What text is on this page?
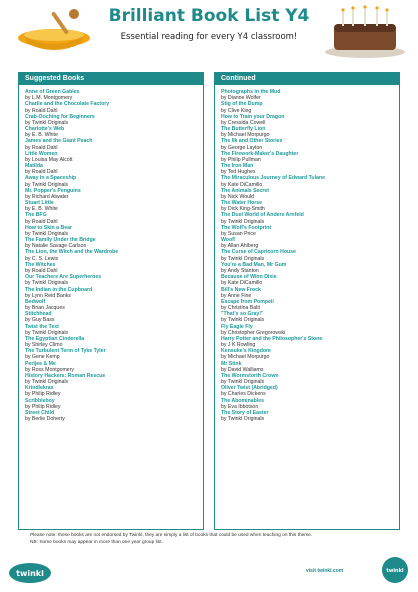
Brilliant Book List Y4
Essential reading for every Y4 classroom!
Suggested Books
Anne of Green Gables
by L.M. Montgomery
Charlie and the Chocolate Factory
by Roald Dahl
Crab-Ooching for Beginners
by Twinkl Originals
Charlotte's Web
by E. B. White
James and the Giant Peach
by Roald Dahl
Little Women
by Louisa May Alcott
Matilda
by Roald Dahl
Away in a Spaceship
by Twinkl Originals
Mr. Popper's Penguins
by Richard Atwater
Stuart Little
by E. B. White
The BFG
by Roald Dahl
How to Skin a Bear
by Twinkl Originals
The Family Under the Bridge
by Natalie Savage Carlson
The Lion, the Witch and the Wardrobe
by C. S. Lewis
The Witches
by Roald Dahl
Our Teachers Are Superheroes
by Twinkl Originals
The Indian in the Cupboard
by Lynn Reid Banks
Bedwolf
by Brian Jacques
Stitchhead
by Guy Bass
Twist the Text
by Twinkl Originals
The Egyptian Cinderella
by Shirley Climo
The Turbulent Term of Tyke Tyler
by Gene Kemp
Perijee & Me
by Ross Montgomery
History Hackers: Roman Rescue
by Twinkl Originals
Krindlekrax
by Philip Ridley
Scribbleboy
by Philip Ridley
Street Child
by Berlie Doherty
Continued
Photographs in the Mud
by Dianne Wolfer
Stig of the Dump
by Clive King
How to Train your Dragon
by Cressida Cowell
The Butterfly Lion
by Michael Morpurgo
The Ilk and Other Stories
by George Layton
The Firework-Maker's Daughter
by Philip Pullman
The Iron Man
by Ted Hughes
The Miraculous Journey of Edward Tulane
by Kate DiCamillo
The Animals Secret
by Nick Would
The Water Horse
by Dick King-Smith
The Duel World of Anders Arnfeld
by Twinkl Originals
The Wolf's Footprint
by Susan Price
Woof!
by Allan Ahlberg
The Curse of Capricorn House
by Twinkl Originals
You're a Bad Man, Mr Gum
by Andy Stanton
Because of Winn Dixie
by Kate DiCamillo
Bill's New Frock
by Anne Fine
Escape from Pompeii
by Christina Balit
"That's so Gray!"
by Twinkl Originals
Fly Eagle Fly
by Christopher Gregorowski
Harry Potter and the Philosopher's Stone
by J K Rowling
Kensuke's Kingdom
by Michael Morpurgo
Mr Stink
by David Walliams
The Wormstorth Crown
by Twinkl Originals
Oliver Twist (Abridged)
by Charles Dickens
The Abominables
by Eva Ibbotson
The Story of Easter
by Twinkl Originals
Please note: these books are not endorsed by Twinkl, they are simply a list of books that could be used when teaching on this theme.
NB: Some books may appear in more than one year group list.
twinkl	visit twinkl.com	twinkl
